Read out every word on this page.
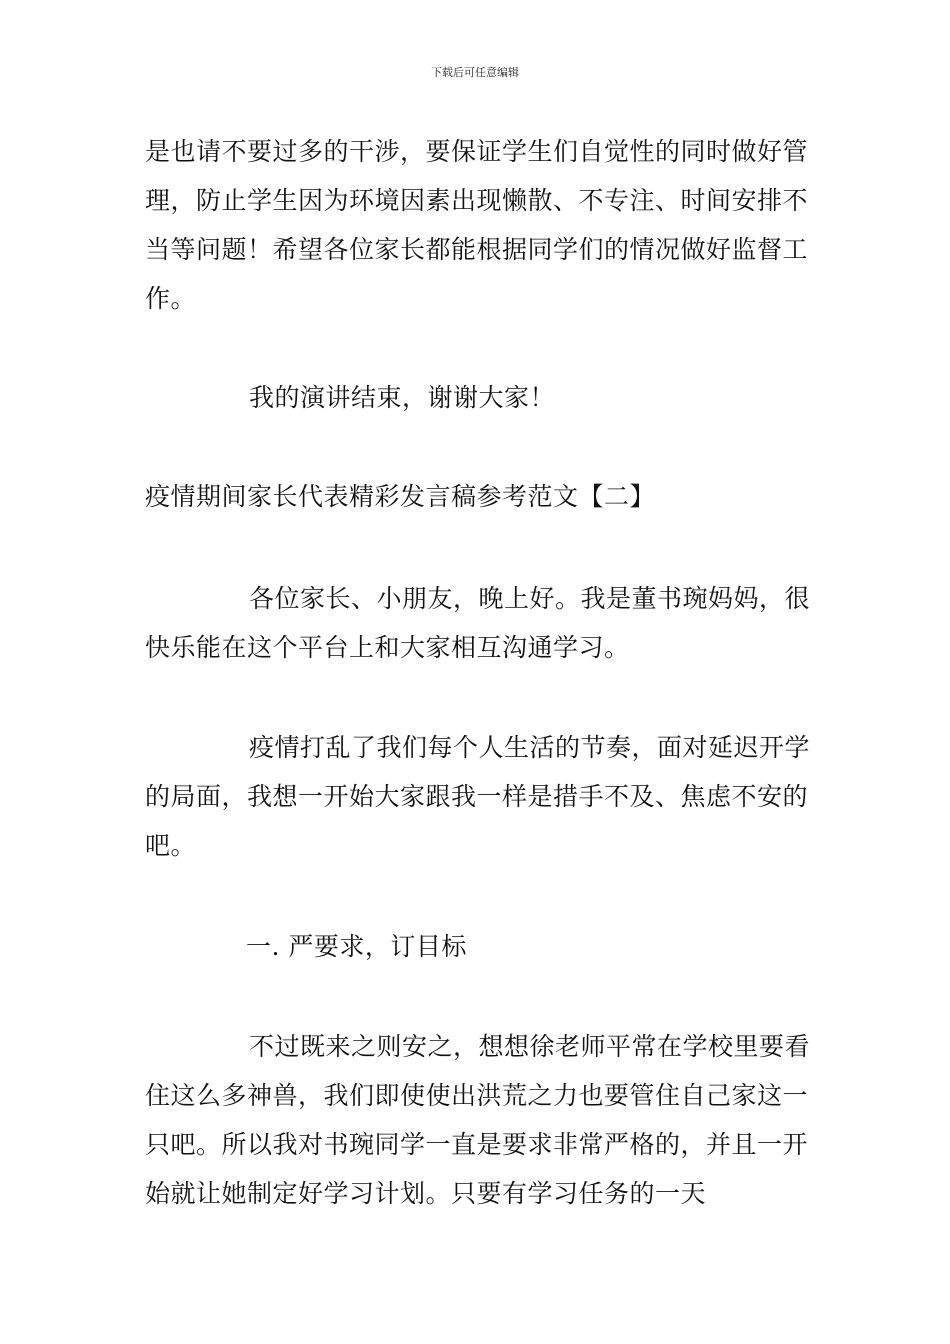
下载后可任意编辑

是也请不要过多的干涉，要保证学生们自觉性的同时做好管理，防止学生因为环境因素出现懒散、不专注、时间安排不当等问题！希望各位家长都能根据同学们的情况做好监督工作。

我的演讲结束，谢谢大家！

疫情期间家长代表精彩发言稿参考范文【二】

各位家长、小朋友，晚上好。我是董书琬妈妈，很快乐能在这个平台上和大家相互沟通学习。

疫情打乱了我们每个人生活的节奏，面对延迟开学的局面，我想一开始大家跟我一样是措手不及、焦虑不安的吧。

一. 严要求，订目标

不过既来之则安之，想想徐老师平常在学校里要看住这么多神兽，我们即使使出洪荒之力也要管住自己家这一只吧。所以我对书琬同学一直是要求非常严格的，并且一开始就让她制定好学习计划。只要有学习任务的一天
